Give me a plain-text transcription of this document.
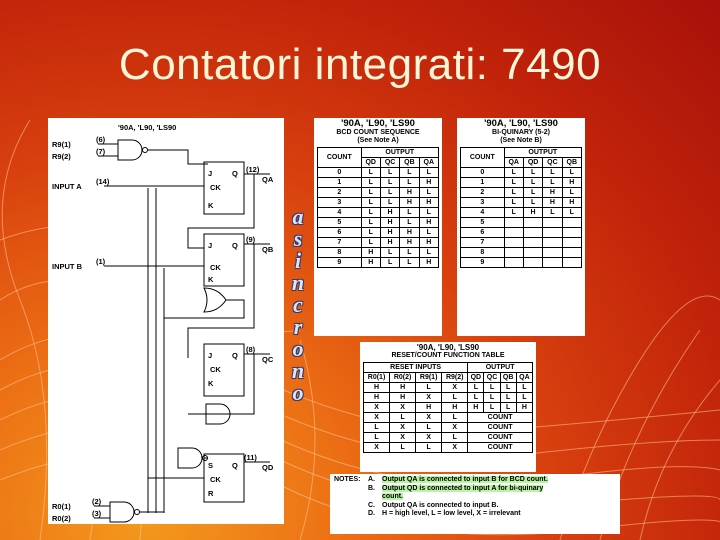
Contatori integrati: 7490
'90A, 'L90, 'LS90
R9(1)
R9(2)
(6)
(7)
INPUT A
(14)
INPUT B
(1)
(12)
QA
(9)
QB
(8)
QC
(11)
QD
J	Q
CK
K
J	Q
CK
K
J	Q
CK
K
S	Q
CK
R
R0(1)
R0(2)
(2)
(3)
a
s
i
n
c
r
o
n
o
'90A, 'L90, 'LS90
BCD COUNT SEQUENCE
(See Note A)
COUNT	OUTPUT			
	QD	QC	QB	QA
0	L	L	L	L
1	L	L	L	H
2	L	L	H	L
3	L	L	H	H
4	L	H	L	L
5	L	H	L	H
6	L	H	H	L
7	L	H	H	H
8	H	L	L	L
9	H	L	L	H
'90A, 'L90, 'LS90
BI-QUINARY (5-2)
(See Note B)
COUNT	OUTPUT			
	QA	QD	QC	QB
0	L	L	L	L
1	L	L	L	H
2	L	L	H	L
3	L	L	H	H
4	L	H	L	L
5				
6				
7				
8				
9				
'90A, 'L90, 'LS90
RESET/COUNT FUNCTION TABLE
RESET INPUTS				OUTPUT			
R0(1)	R0(2)	R9(1)	R9(2)	QD	QC	QB	QA
H	H	L	X	L	L	L	L
H	H	X	L	L	L	L	L
X	X	H	H	H	L	L	H
X	L	X	L	COUNT			
L	X	L	X	COUNT			
L	X	X	L	COUNT			
X	L	L	X	COUNT			
NOTES: A. Output QA is connected to input B for BCD count.
B. Output QD is connected to input A for bi-quinary
count.
C. Output QA is connected to input B.
D. H = high level, L = low level, X = irrelevant
